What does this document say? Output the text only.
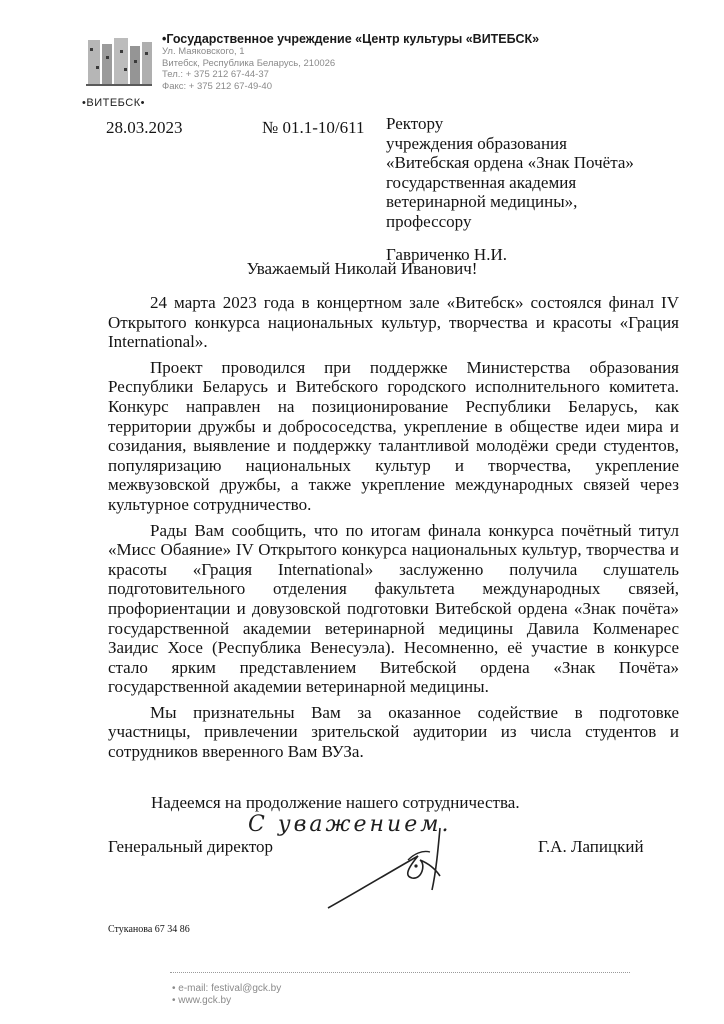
•ВИТЕБСК•
•Государственное учреждение «Центр культуры «ВИТЕБСК»
Ул. Маяковского, 1
Витебск, Республика Беларусь, 210026
Тел.: + 375 212 67-44-37
Факс: + 375 212 67-49-40
28.03.2023	№ 01.1-10/611 Ректору
учреждения образования
«Витебская ордена «Знак Почёта»
государственная академия
ветеринарной медицины»,
профессору
Гавриченко Н.И.
Уважаемый Николай Иванович!

24 марта 2023 года в концертном зале «Витебск» состоялся финал IV Открытого конкурса национальных культур, творчества и красоты «Грация International».

Проект проводился при поддержке Министерства образования Республики Беларусь и Витебского городского исполнительного комитета. Конкурс направлен на позиционирование Республики Беларусь, как территории дружбы и добрососедства, укрепление в обществе идеи мира и созидания, выявление и поддержку талантливой молодёжи среди студентов, популяризацию национальных культур и творчества, укрепление межвузовской дружбы, а также укрепление международных связей через культурное сотрудничество.

Рады Вам сообщить, что по итогам финала конкурса почётный титул «Мисс Обаяние» IV Открытого конкурса национальных культур, творчества и красоты «Грация International» заслуженно получила слушатель подготовительного отделения факультета международных связей, профориентации и довузовской подготовки Витебской ордена «Знак почёта» государственной академии ветеринарной медицины Давила Колменарес Заидис Хосе (Республика Венесуэла). Несомненно, её участие в конкурсе стало ярким представлением Витебской ордена «Знак Почёта» государственной академии ветеринарной медицины.

Мы признательны Вам за оказанное содействие в подготовке участницы, привлечении зрительской аудитории из числа студентов и сотрудников вверенного Вам ВУЗа.

Надеемся на продолжение нашего сотрудничества.
С уважением.
Генеральный директор	Г.А. Лапицкий
Стуканова 67 34 86
• e-mail: festival@gck.by
• www.gck.by
